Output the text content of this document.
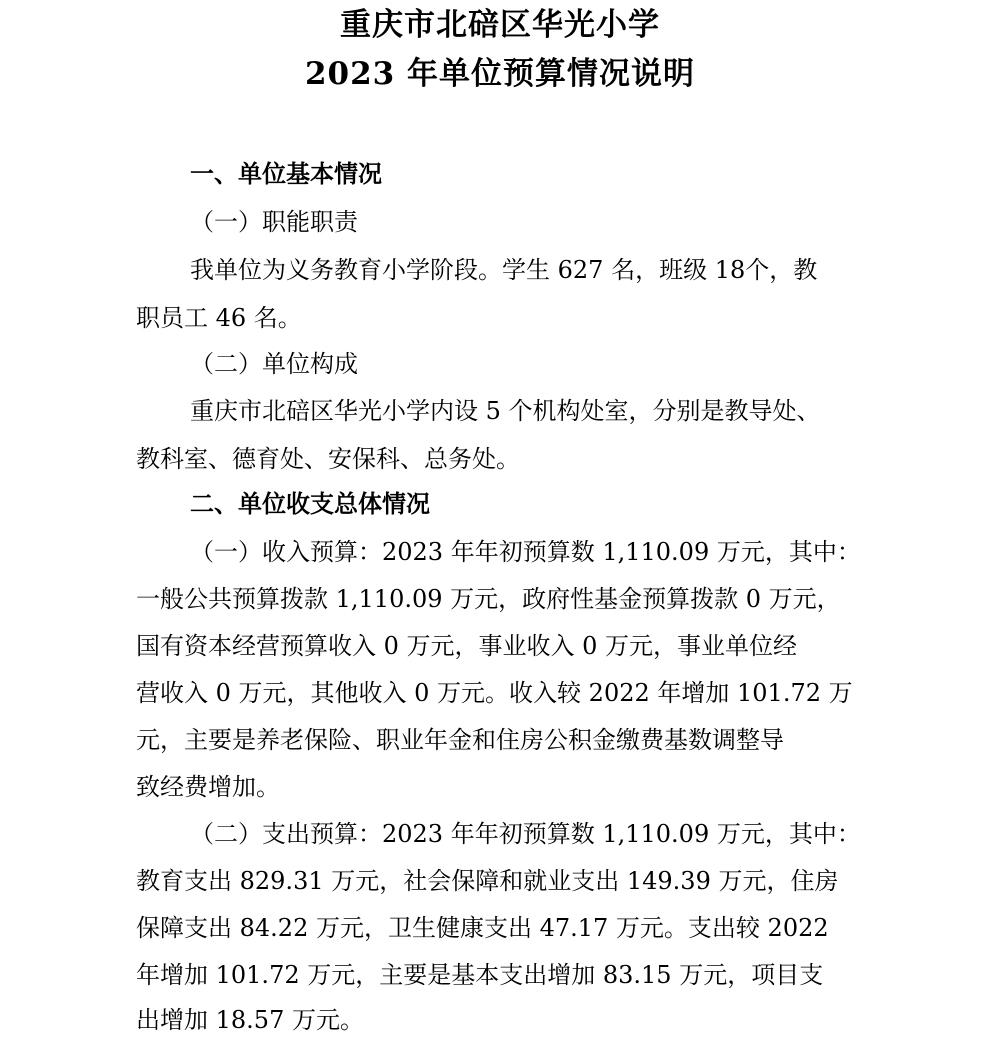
重庆市北碚区华光小学
2023 年单位预算情况说明
一、单位基本情况
（一）职能职责
我单位为义务教育小学阶段。学生 627 名，班级 18个，教
职员工 46 名。
（二）单位构成
重庆市北碚区华光小学内设 5 个机构处室，分别是教导处、
教科室、德育处、安保科、总务处。
二、单位收支总体情况
（一）收入预算：2023 年年初预算数 1,110.09 万元，其中：
一般公共预算拨款 1,110.09 万元，政府性基金预算拨款 0 万元，
国有资本经营预算收入 0 万元，事业收入 0 万元，事业单位经
营收入 0 万元，其他收入 0 万元。收入较 2022 年增加 101.72 万
元，主要是养老保险、职业年金和住房公积金缴费基数调整导
致经费增加。
（二）支出预算：2023 年年初预算数 1,110.09 万元，其中：
教育支出 829.31 万元，社会保障和就业支出 149.39 万元，住房
保障支出 84.22 万元，卫生健康支出 47.17 万元。支出较 2022
年增加 101.72 万元，主要是基本支出增加 83.15 万元，项目支
出增加 18.57 万元。
